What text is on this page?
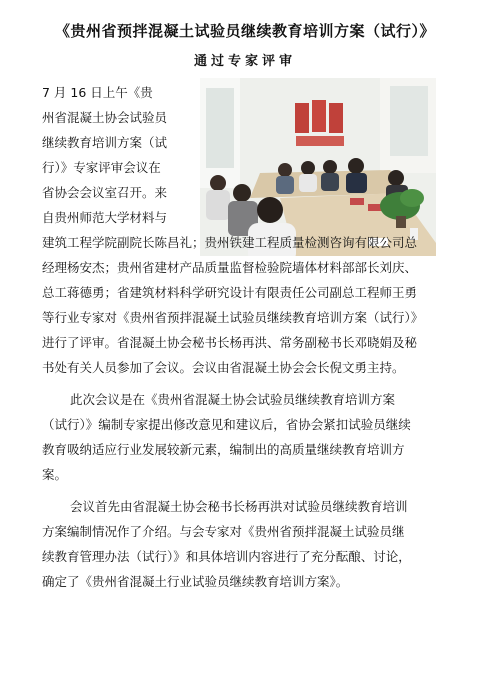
《贵州省预拌混凝土试验员继续教育培训方案（试行）》
通过专家评审
7 月 16 日上午《贵
州省混凝土协会试验员
继续教育培训方案（试
行）》专家评审会议在
省协会会议室召开。来
自贵州师范大学材料与
建筑工程学院副院长陈昌礼；贵州铁建工程质量检测咨询有限公司总
经理杨安杰；贵州省建材产品质量监督检验院墙体材料部部长刘庆、
总工蒋德勇；省建筑材料科学研究设计有限责任公司副总工程师王勇
等行业专家对《贵州省预拌混凝土试验员继续教育培训方案（试行）》
进行了评审。省混凝土协会秘书长杨再洪、常务副秘书长邓晓娟及秘
书处有关人员参加了会议。会议由省混凝土协会会长倪文勇主持。
此次会议是在《贵州省混凝土协会试验员继续教育培训方案
（试行）》编制专家提出修改意见和建议后，省协会紧扣试验员继续
教育吸纳适应行业发展较新元素，编制出的高质量继续教育培训方
案。
会议首先由省混凝土协会秘书长杨再洪对试验员继续教育培训
方案编制情况作了介绍。与会专家对《贵州省预拌混凝土试验员继
续教育管理办法（试行）》和具体培训内容进行了充分酝酿、讨论，
确定了《贵州省混凝土行业试验员继续教育培训方案》。
